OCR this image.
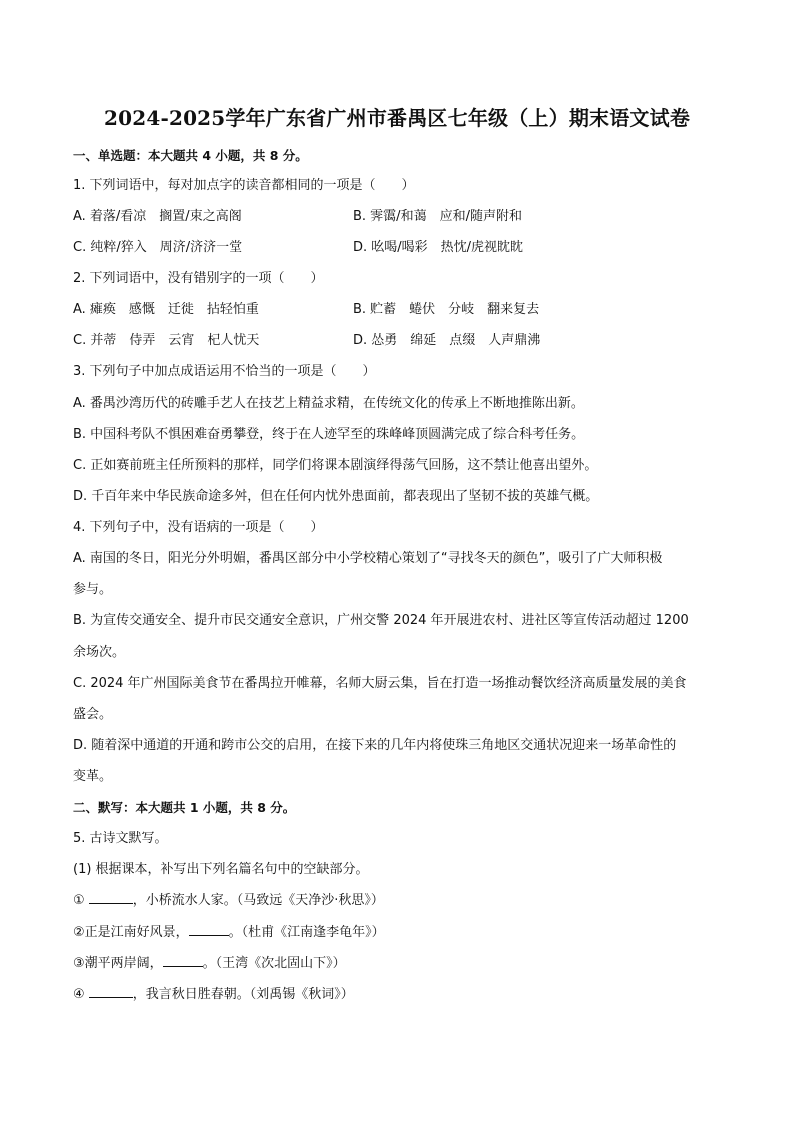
2024-2025学年广东省广州市番禺区七年级（上）期末语文试卷
一、单选题：本大题共 4 小题，共 8 分。
1. 下列词语中，每对加点字的读音都相同的一项是（　　）
A. 着落/看凉　搁置/束之高阁	B. 霁霭/和蔼　应和/随声附和
C. 纯粹/猝入　周济/济济一堂	D. 吆喝/喝彩　热忱/虎视眈眈
2. 下列词语中，没有错别字的一项（　　）
A. 瘫痪　感慨　迁徙　拈轻怕重	B. 贮蓄　蜷伏　分岐　翻来复去
C. 并蒂　侍弄　云宵　杞人忧天	D. 怂勇　绵延　点缀　人声鼎沸
3. 下列句子中加点成语运用不恰当的一项是（　　）
A. 番禺沙湾历代的砖雕手艺人在技艺上精益求精，在传统文化的传承上不断地推陈出新。
B. 中国科考队不惧困难奋勇攀登，终于在人迹罕至的珠峰峰顶圆满完成了综合科考任务。
C. 正如赛前班主任所预料的那样，同学们将课本剧演绎得荡气回肠，这不禁让他喜出望外。
D. 千百年来中华民族命途多舛，但在任何内忧外患面前，都表现出了坚韧不拔的英雄气概。
4. 下列句子中，没有语病的一项是（　　）
A. 南国的冬日，阳光分外明媚，番禺区部分中小学校精心策划了“寻找冬天的颜色”，吸引了广大师积极
参与。
B. 为宣传交通安全、提升市民交通安全意识，广州交警 2024 年开展进农村、进社区等宣传活动超过 1200
余场次。
C. 2024 年广州国际美食节在番禺拉开帷幕，名师大厨云集，旨在打造一场推动餐饮经济高质量发展的美食
盛会。
D. 随着深中通道的开通和跨市公交的启用，在接下来的几年内将使珠三角地区交通状况迎来一场革命性的
变革。
二、默写：本大题共 1 小题，共 8 分。
5. 古诗文默写。
(1) 根据课本，补写出下列名篇名句中的空缺部分。
①	，小桥流水人家。（马致远《天净沙·秋思》）
②正是江南好风景，	。（杜甫《江南逢李龟年》）
③潮平两岸阔，	。（王湾《次北固山下》）
④	，我言秋日胜春朝。（刘禹锡《秋词》）
